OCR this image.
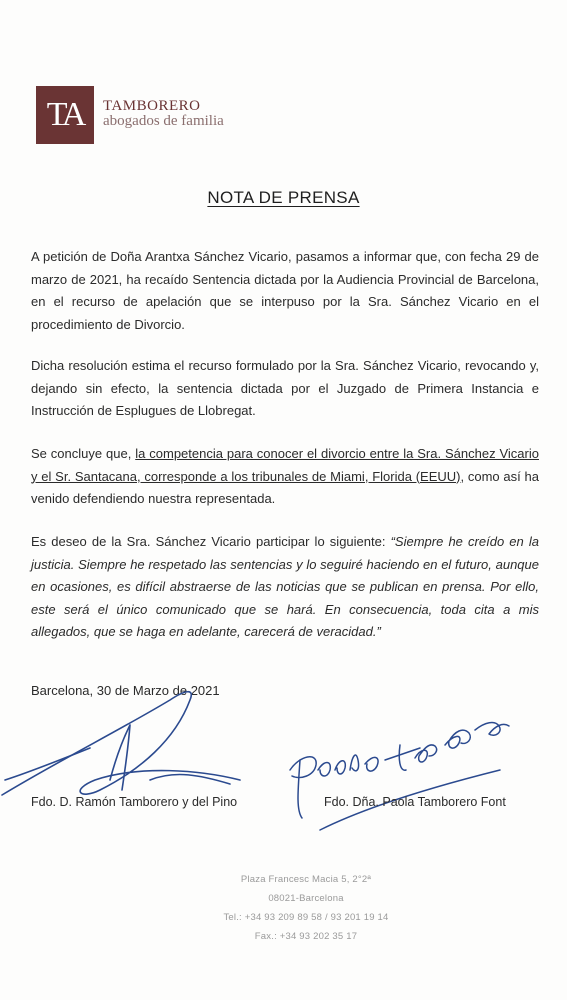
TA TAMBORERO
abogados de familia
NOTA DE PRENSA
A petición de Doña Arantxa Sánchez Vicario, pasamos a informar que, con fecha 29 de marzo de 2021, ha recaído Sentencia dictada por la Audiencia Provincial de Barcelona, en el recurso de apelación que se interpuso por la Sra. Sánchez Vicario en el procedimiento de Divorcio.
Dicha resolución estima el recurso formulado por la Sra. Sánchez Vicario, revocando y, dejando sin efecto, la sentencia dictada por el Juzgado de Primera Instancia e Instrucción de Esplugues de Llobregat.
Se concluye que, la competencia para conocer el divorcio entre la Sra. Sánchez Vicario y el Sr. Santacana, corresponde a los tribunales de Miami, Florida (EEUU), como así ha venido defendiendo nuestra representada.
Es deseo de la Sra. Sánchez Vicario participar lo siguiente: “Siempre he creído en la justicia. Siempre he respetado las sentencias y lo seguiré haciendo en el futuro, aunque en ocasiones, es difícil abstraerse de las noticias que se publican en prensa. Por ello, este será el único comunicado que se hará. En consecuencia, toda cita a mis allegados, que se haga en adelante, carecerá de veracidad.”
Barcelona, 30 de Marzo de 2021
Fdo. D. Ramón Tamborero y del Pino	Fdo. Dña. Paola Tamborero Font
Plaza Francesc Macia 5, 2°2ª
08021-Barcelona
Tel.: +34 93 209 89 58 / 93 201 19 14
Fax.: +34 93 202 35 17
